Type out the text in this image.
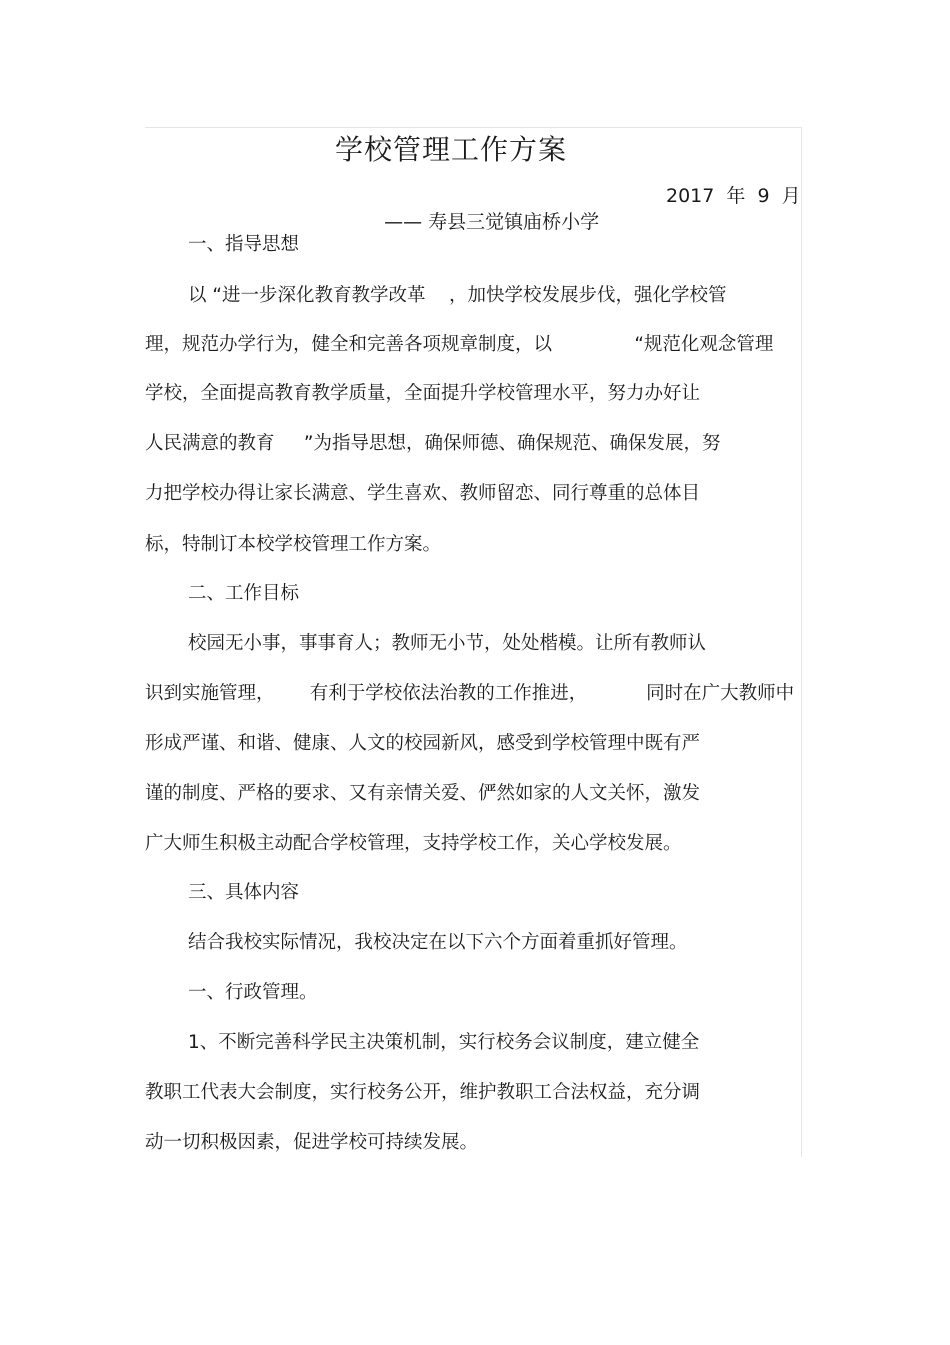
学校管理工作方案

—— 寿县三觉镇庙桥小学

2017  年  9  月

一、指导思想
以 “进一步深化教育教学改革    ，加快学校发展步伐，强化学校管
理，规范办学行为，健全和完善各项规章制度，以              “规范化观念管理
学校，全面提高教育教学质量，全面提升学校管理水平，努力办好让
人民满意的教育     ”为指导思想，确保师德、确保规范、确保发展，努
力把学校办得让家长满意、学生喜欢、教师留恋、同行尊重的总体目
标，特制订本校学校管理工作方案。
二、工作目标
校园无小事，事事育人；教师无小节，处处楷模。让所有教师认
识到实施管理，      有利于学校依法治教的工作推进，          同时在广大教师中
形成严谨、和谐、健康、人文的校园新风，感受到学校管理中既有严
谨的制度、严格的要求、又有亲情关爱、俨然如家的人文关怀，激发
广大师生积极主动配合学校管理，支持学校工作，关心学校发展。
三、具体内容
结合我校实际情况，我校决定在以下六个方面着重抓好管理。
一、行政管理。
1、不断完善科学民主决策机制，实行校务会议制度，建立健全
教职工代表大会制度，实行校务公开，维护教职工合法权益，充分调
动一切积极因素，促进学校可持续发展。
